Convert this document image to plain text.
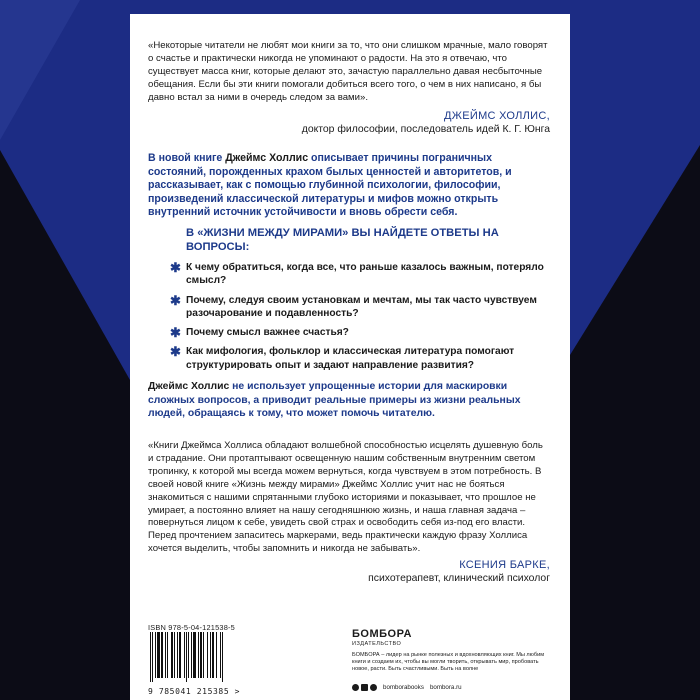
«Некоторые читатели не любят мои книги за то, что они слишком мрачные, мало говорят о счастье и практически никогда не упоминают о радости. На это я отвечаю, что существует масса книг, которые делают это, зачастую параллельно давая несбыточные обещания. Если бы эти книги помогали добиться всего того, о чем в них написано, я бы давно встал за ними в очередь следом за вами».

ДЖЕЙМС ХОЛЛИС,
доктор философии, последователь идей К. Г. Юнга

В новой книге Джеймс Холлис описывает причины пограничных состояний, порожденных крахом былых ценностей и авторитетов, и рассказывает, как с помощью глубинной психологии, философии, произведений классической литературы и мифов можно открыть внутренний источник устойчивости и вновь обрести себя.

В «ЖИЗНИ МЕЖДУ МИРАМИ» ВЫ НАЙДЕТЕ ОТВЕТЫ НА ВОПРОСЫ:

✱ К чему обратиться, когда все, что раньше казалось важным, потеряло смысл?
✱ Почему, следуя своим установкам и мечтам, мы так часто чувствуем разочарование и подавленность?
✱ Почему смысл важнее счастья?
✱ Как мифология, фольклор и классическая литература помогают структурировать опыт и задают направление развития?

Джеймс Холлис не использует упрощенные истории для маскировки сложных вопросов, а приводит реальные примеры из жизни реальных людей, обращаясь к тому, что может помочь читателю.

«Книги Джеймса Холлиса обладают волшебной способностью исцелять душевную боль и страдание. Они протаптывают освещенную нашим собственным внутренним светом тропинку, к которой мы всегда можем вернуться, когда чувствуем в этом потребность. В своей новой книге «Жизнь между мирами» Джеймс Холлис учит нас не бояться знакомиться с нашими спрятанными глубоко историями и показывает, что прошлое не умирает, а постоянно влияет на нашу сегодняшнюю жизнь, и наша главная задача – повернуться лицом к себе, увидеть свой страх и освободить себя из-под его власти.

Перед прочтением запаситесь маркерами, ведь практически каждую фразу Холлиса хочется выделить, чтобы запомнить и никогда не забывать».

КСЕНИЯ БАРКЕ,
психотерапевт, клинический психолог
ISBN 978-5-04-121538-5
9 785041 215385 >
БОМБОРА
ИЗДАТЕЛЬСТВО
БОМБОРА – лидер на рынке полезных и вдохновляющих книг. Мы любим книги и создаем их, чтобы вы могли творить, открывать мир, пробовать новое, расти. Быть счастливыми. Быть на волне
bomborabooks bombora.ru
